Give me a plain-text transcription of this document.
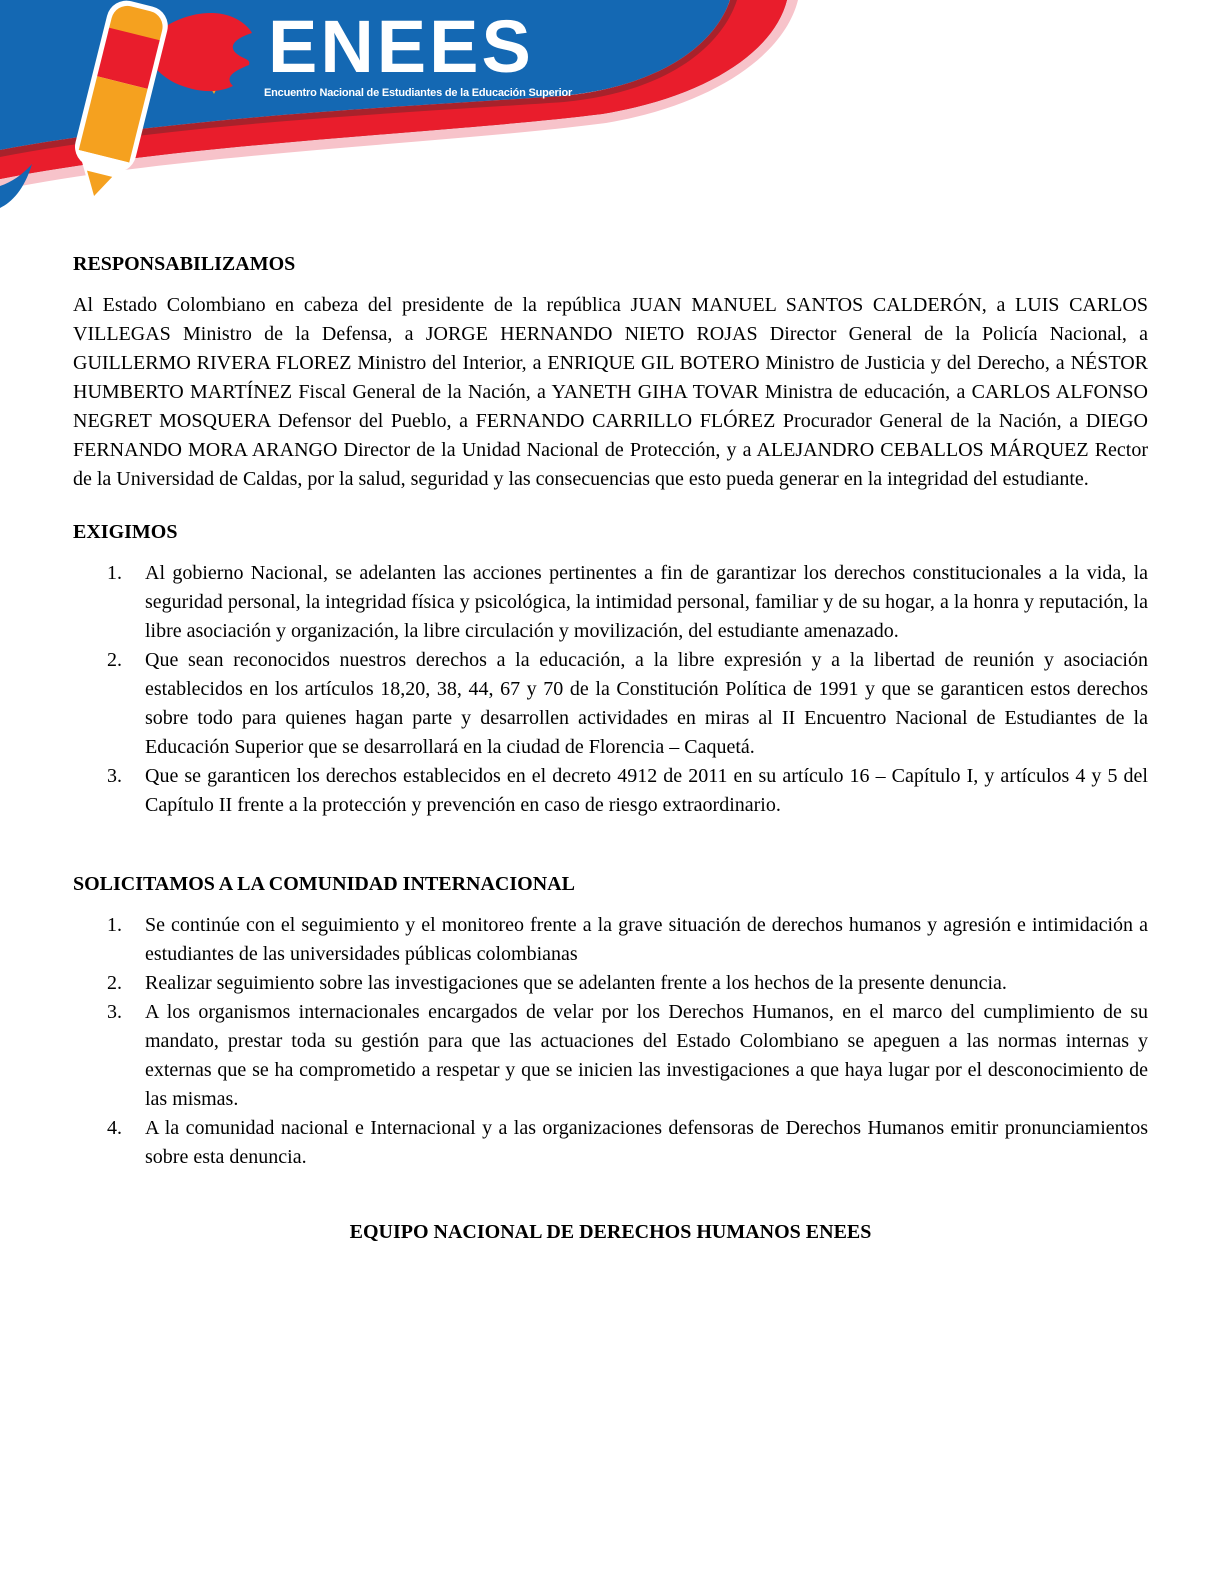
ENEES
Encuentro Nacional de Estudiantes de la Educación Superior
RESPONSABILIZAMOS

Al Estado Colombiano en cabeza del presidente de la república JUAN MANUEL SANTOS CALDERÓN, a LUIS CARLOS VILLEGAS Ministro de la Defensa, a JORGE HERNANDO NIETO ROJAS Director General de la Policía Nacional, a GUILLERMO RIVERA FLOREZ Ministro del Interior, a ENRIQUE GIL BOTERO Ministro de Justicia y del Derecho, a NÉSTOR HUMBERTO MARTÍNEZ Fiscal General de la Nación, a YANETH GIHA TOVAR Ministra de educación, a CARLOS ALFONSO NEGRET MOSQUERA Defensor del Pueblo, a FERNANDO CARRILLO FLÓREZ Procurador General de la Nación, a DIEGO FERNANDO MORA ARANGO Director de la Unidad Nacional de Protección, y a ALEJANDRO CEBALLOS MÁRQUEZ Rector de la Universidad de Caldas, por la salud, seguridad y las consecuencias que esto pueda generar en la integridad del estudiante.

EXIGIMOS
Al gobierno Nacional, se adelanten las acciones pertinentes a fin de garantizar los derechos constitucionales a la vida, la seguridad personal, la integridad física y psicológica, la intimidad personal, familiar y de su hogar, a la honra y reputación, la libre asociación y organización, la libre circulación y movilización, del estudiante amenazado.
Que sean reconocidos nuestros derechos a la educación, a la libre expresión y a la libertad de reunión y asociación establecidos en los artículos 18,20, 38, 44, 67 y 70 de la Constitución Política de 1991 y que se garanticen estos derechos sobre todo para quienes hagan parte y desarrollen actividades en miras al II Encuentro Nacional de Estudiantes de la Educación Superior que se desarrollará en la ciudad de Florencia – Caquetá.
Que se garanticen los derechos establecidos en el decreto 4912 de 2011 en su artículo 16 – Capítulo I, y artículos 4 y 5 del Capítulo II frente a la protección y prevención en caso de riesgo extraordinario.
SOLICITAMOS A LA COMUNIDAD INTERNACIONAL
Se continúe con el seguimiento y el monitoreo frente a la grave situación de derechos humanos y agresión e intimidación a estudiantes de las universidades públicas colombianas
Realizar seguimiento sobre las investigaciones que se adelanten frente a los hechos de la presente denuncia.
A los organismos internacionales encargados de velar por los Derechos Humanos, en el marco del cumplimiento de su mandato, prestar toda su gestión para que las actuaciones del Estado Colombiano se apeguen a las normas internas y externas que se ha comprometido a respetar y que se inicien las investigaciones a que haya lugar por el desconocimiento de las mismas.
A la comunidad nacional e Internacional y a las organizaciones defensoras de Derechos Humanos emitir pronunciamientos sobre esta denuncia.
EQUIPO NACIONAL DE DERECHOS HUMANOS ENEES
